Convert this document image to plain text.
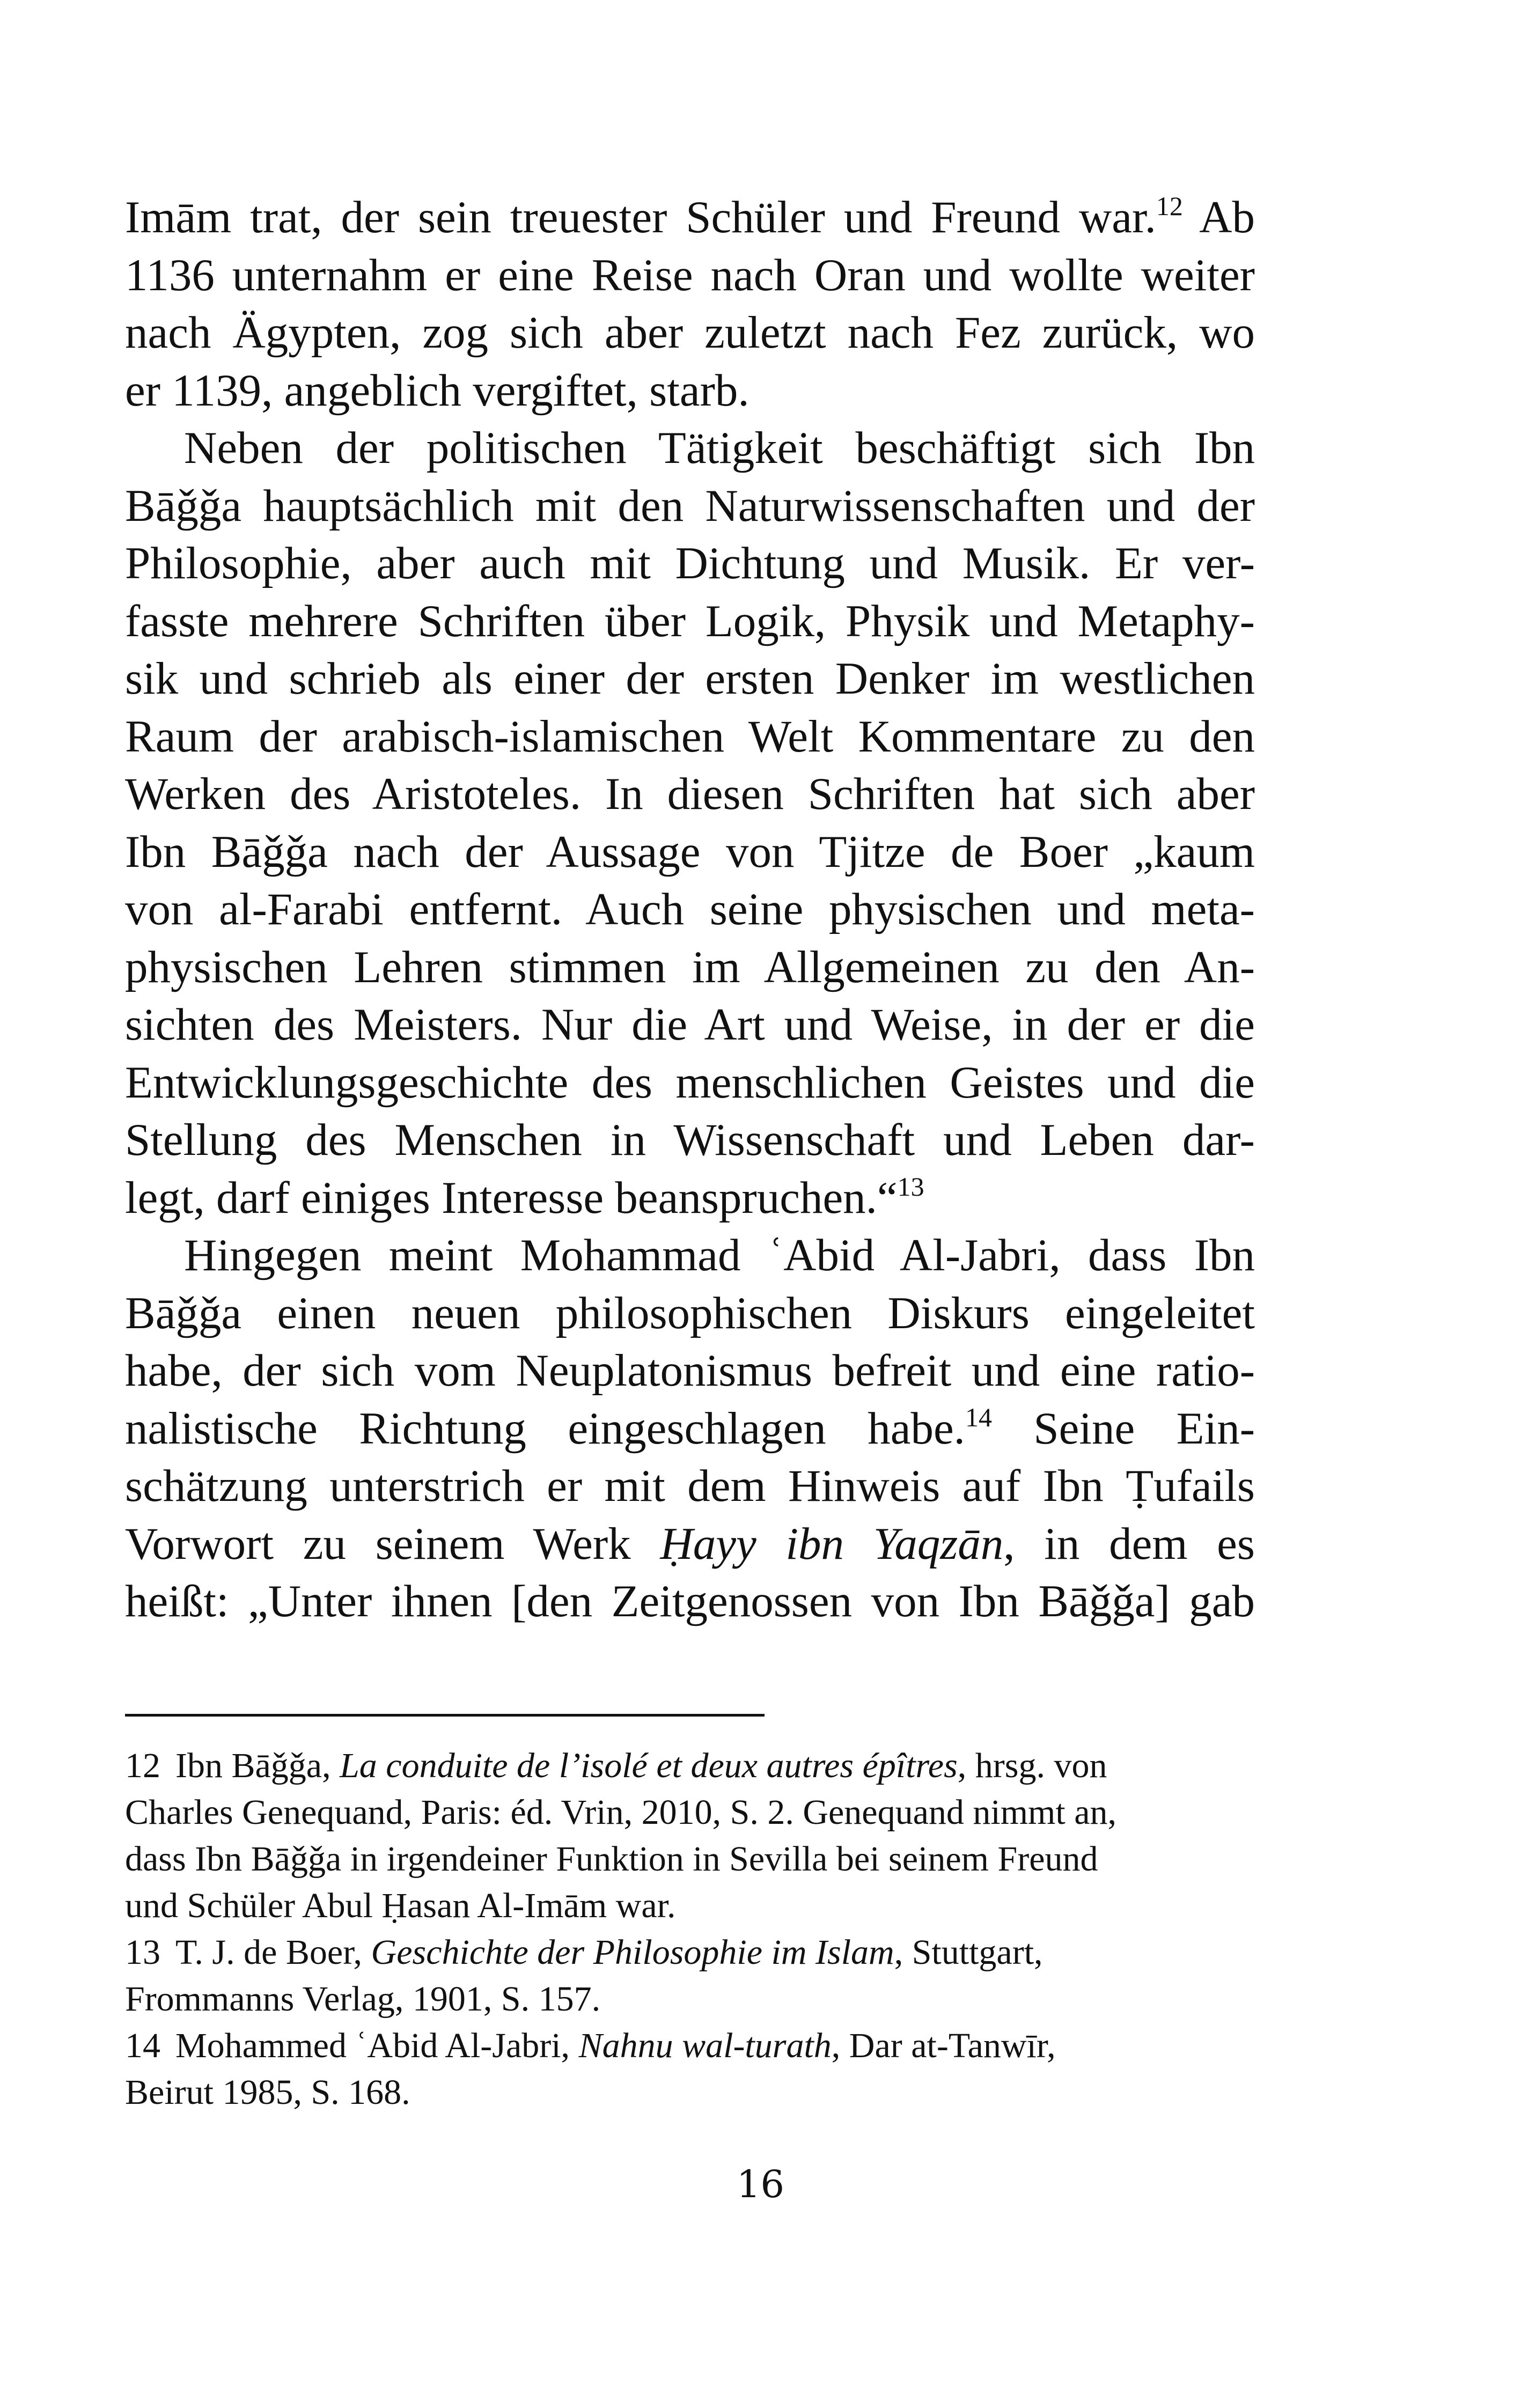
Imām trat, der sein treuester Schüler und Freund war.$^{12}$ Ab
1136 unternahm er eine Reise nach Oran und wollte weiter
nach Ägypten, zog sich aber zuletzt nach Fez zurück, wo
er 1139, angeblich vergiftet, starb.
Neben der politischen Tätigkeit beschäftigt sich Ibn
Bāǧǧa hauptsächlich mit den Naturwissenschaften und der
Philosophie, aber auch mit Dichtung und Musik. Er ver-
fasste mehrere Schriften über Logik, Physik und Metaphy-
sik und schrieb als einer der ersten Denker im westlichen
Raum der arabisch-islamischen Welt Kommentare zu den
Werken des Aristoteles. In diesen Schriften hat sich aber
Ibn Bāǧǧa nach der Aussage von Tjitze de Boer „kaum
von al-Farabi entfernt. Auch seine physischen und meta-
physischen Lehren stimmen im Allgemeinen zu den An-
sichten des Meisters. Nur die Art und Weise, in der er die
Entwicklungsgeschichte des menschlichen Geistes und die
Stellung des Menschen in Wissenschaft und Leben dar-
legt, darf einiges Interesse beanspruchen.“$^{13}$
Hingegen meint Mohammad ʿAbid Al-Jabri, dass Ibn
Bāǧǧa einen neuen philosophischen Diskurs eingeleitet
habe, der sich vom Neuplatonismus befreit und eine ratio-
nalistische Richtung eingeschlagen habe.$^{14}$ Seine Ein-
schätzung unterstrich er mit dem Hinweis auf Ibn Ṭufails
Vorwort zu seinem Werk Ḥayy ibn Yaqzān, in dem es
heißt: „Unter ihnen [den Zeitgenossen von Ibn Bāǧǧa] gab
12 Ibn Bāǧǧa, La conduite de l’isolé et deux autres épîtres, hrsg. von
Charles Genequand, Paris: éd. Vrin, 2010, S. 2. Genequand nimmt an,
dass Ibn Bāǧǧa in irgendeiner Funktion in Sevilla bei seinem Freund
und Schüler Abul Ḥasan Al-Imām war.
13 T. J. de Boer, Geschichte der Philosophie im Islam, Stuttgart,
Frommanns Verlag, 1901, S. 157.
14 Mohammed ʿAbid Al-Jabri, Nahnu wal-turath, Dar at-Tanwīr,
Beirut 1985, S. 168.
16
